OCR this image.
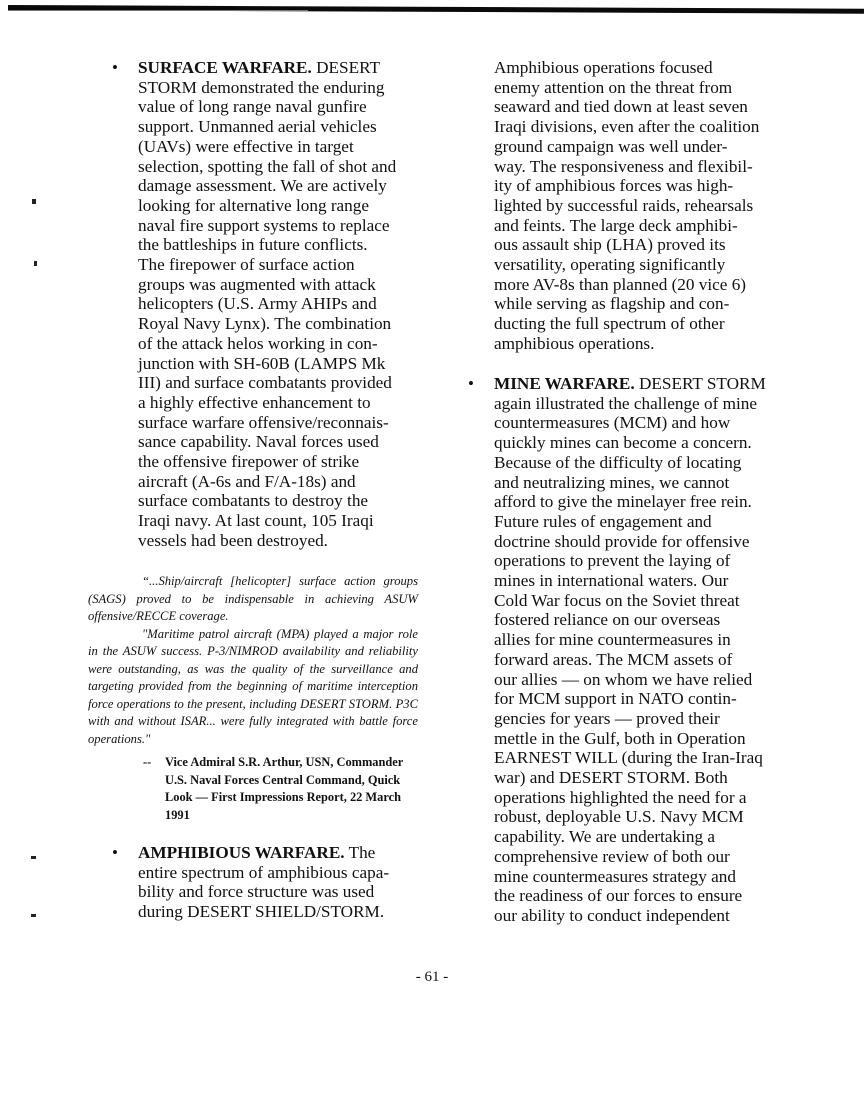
• SURFACE WARFARE. DESERT
STORM demonstrated the enduring
value of long range naval gunfire
support. Unmanned aerial vehicles
(UAVs) were effective in target
selection, spotting the fall of shot and
damage assessment. We are actively
looking for alternative long range
naval fire support systems to replace
the battleships in future conflicts.
The firepower of surface action
groups was augmented with attack
helicopters (U.S. Army AHIPs and
Royal Navy Lynx). The combination
of the attack helos working in con-
junction with SH-60B (LAMPS Mk
III) and surface combatants provided
a highly effective enhancement to
surface warfare offensive/reconnais-
sance capability. Naval forces used
the offensive firepower of strike
aircraft (A-6s and F/A-18s) and
surface combatants to destroy the
Iraqi navy. At last count, 105 Iraqi
vessels had been destroyed.

“...Ship/aircraft [helicopter] surface action groups (SAGS) proved to be indispensable in achieving ASUW offensive/RECCE coverage.

"Maritime patrol aircraft (MPA) played a major role in the ASUW success. P-3/NIMROD availability and reliability were outstanding, as was the quality of the surveillance and targeting provided from the beginning of maritime interception force operations to the present, including DESERT STORM. P3C with and without ISAR... were fully integrated with battle force operations."

--	Vice Admiral S.R. Arthur, USN, Commander U.S. Naval Forces Central Command, Quick Look — First Impressions Report, 22 March 1991
• AMPHIBIOUS WARFARE. The
entire spectrum of amphibious capa-
bility and force structure was used
during DESERT SHIELD/STORM.
Amphibious operations focused
enemy attention on the threat from
seaward and tied down at least seven
Iraqi divisions, even after the coalition
ground campaign was well under-
way. The responsiveness and flexibil-
ity of amphibious forces was high-
lighted by successful raids, rehearsals
and feints. The large deck amphibi-
ous assault ship (LHA) proved its
versatility, operating significantly
more AV-8s than planned (20 vice 6)
while serving as flagship and con-
ducting the full spectrum of other
amphibious operations.
• MINE WARFARE. DESERT STORM
again illustrated the challenge of mine
countermeasures (MCM) and how
quickly mines can become a concern.
Because of the difficulty of locating
and neutralizing mines, we cannot
afford to give the minelayer free rein.
Future rules of engagement and
doctrine should provide for offensive
operations to prevent the laying of
mines in international waters. Our
Cold War focus on the Soviet threat
fostered reliance on our overseas
allies for mine countermeasures in
forward areas. The MCM assets of
our allies — on whom we have relied
for MCM support in NATO contin-
gencies for years — proved their
mettle in the Gulf, both in Operation
EARNEST WILL (during the Iran-Iraq
war) and DESERT STORM. Both
operations highlighted the need for a
robust, deployable U.S. Navy MCM
capability. We are undertaking a
comprehensive review of both our
mine countermeasures strategy and
the readiness of our forces to ensure
our ability to conduct independent
- 61 -
